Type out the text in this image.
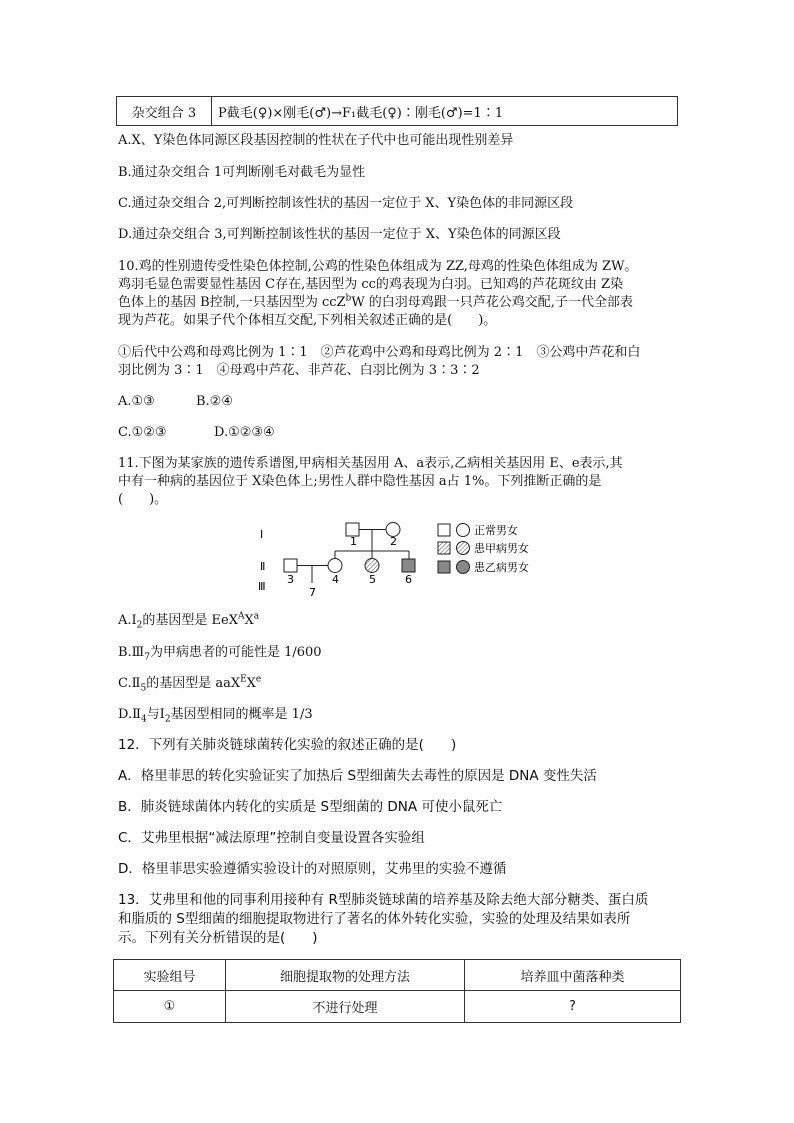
杂交组合 3	P截毛(♀)×刚毛(♂)→F₁截毛(♀)∶刚毛(♂)=1∶1
A.X、Y染色体同源区段基因控制的性状在子代中也可能出现性别差异
B.通过杂交组合 1可判断刚毛对截毛为显性
C.通过杂交组合 2,可判断控制该性状的基因一定位于 X、Y染色体的非同源区段
D.通过杂交组合 3,可判断控制该性状的基因一定位于 X、Y染色体的同源区段
10.鸡的性别遗传受性染色体控制,公鸡的性染色体组成为 ZZ,母鸡的性染色体组成为 ZW。
鸡羽毛显色需要显性基因 C存在,基因型为 cc的鸡表现为白羽。已知鸡的芦花斑纹由 Z染
色体上的基因 B控制,一只基因型为 ccZ$^b$W 的白羽母鸡跟一只芦花公鸡交配,子一代全部表
现为芦花。如果子代个体相互交配,下列相关叙述正确的是(　　)。
①后代中公鸡和母鸡比例为 1∶1　②芦花鸡中公鸡和母鸡比例为 2∶1　③公鸡中芦花和白
羽比例为 3∶1　④母鸡中芦花、非芦花、白羽比例为 3∶3∶2
A.①③	B.②④
C.①②③	D.①②③④
11.下图为某家族的遗传系谱图,甲病相关基因用 A、a表示,乙病相关基因用 E、e表示,其
中有一种病的基因位于 X染色体上;男性人群中隐性基因 a占 1%。下列推断正确的是
(　　)。
Ⅰ
Ⅱ
Ⅲ
1	2
3	4	5	6
7
正常男女
患甲病男女
患乙病男女
$A.Ⅰ_2$的基因型是 $EeX^AX^a$
$B.Ⅲ_7$为甲病患者的可能性是 1/600
$C.Ⅱ_5$的基因型是 aaX$^E$Xe
$D.Ⅱ_4$与$Ⅰ_2$基因型相同的概率是 1/3
12．下列有关肺炎链球菌转化实验的叙述正确的是(　　)
A．格里菲思的转化实验证实了加热后 S型细菌失去毒性的原因是 DNA 变性失活
B．肺炎链球菌体内转化的实质是 S型细菌的 DNA 可使小鼠死亡
C．艾弗里根据“减法原理”控制自变量设置各实验组
D．格里菲思实验遵循实验设计的对照原则，艾弗里的实验不遵循
13．艾弗里和他的同事利用接种有 R型肺炎链球菌的培养基及除去绝大部分糖类、蛋白质
和脂质的 S型细菌的细胞提取物进行了著名的体外转化实验，实验的处理及结果如表所
示。下列有关分析错误的是(　　)
实验组号	细胞提取物的处理方法	培养皿中菌落种类
①	不进行处理	?
